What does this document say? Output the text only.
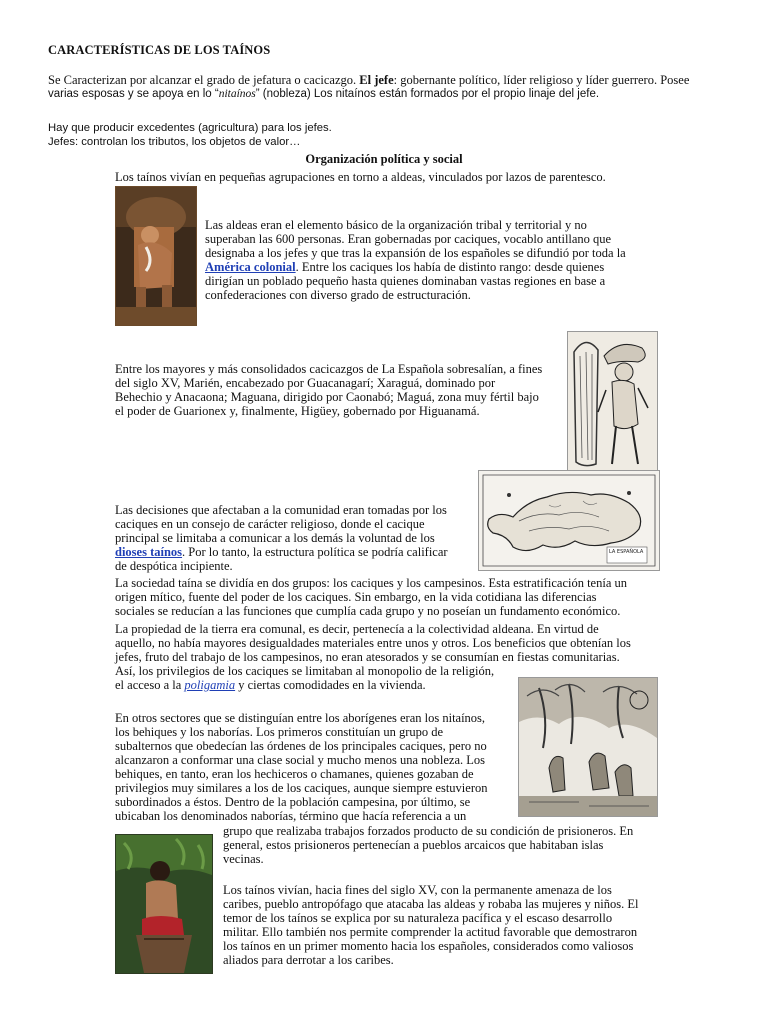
CARACTERÍSTICAS DE LOS TAÍNOS
Se Caracterizan por alcanzar el grado de jefatura o cacicazgo. El jefe: gobernante político, líder religioso y líder guerrero. Posee
varias esposas y se apoya en lo “nitaínos” (nobleza) Los nitaínos están formados por el propio linaje del jefe.
Hay que producir excedentes (agricultura) para los jefes.
Jefes: controlan los tributos, los objetos de valor…
Organización política y social
Los taínos vivían en pequeñas agrupaciones en torno a aldeas, vinculados por lazos de parentesco.
Las aldeas eran el elemento básico de la organización tribal y territorial y no
superaban las 600 personas. Eran gobernadas por caciques, vocablo antillano que
designaba a los jefes y que tras la expansión de los españoles se difundió por toda la
América colonial. Entre los caciques los había de distinto rango: desde quienes
dirigían un poblado pequeño hasta quienes dominaban vastas regiones en base a
confederaciones con diverso grado de estructuración.
Entre los mayores y más consolidados cacicazgos de La Española sobresalían, a fines
del siglo XV, Marién, encabezado por Guacanagarí; Xaraguá, dominado por
Behechio y Anacaona; Maguana, dirigido por Caonabó; Maguá, zona muy fértil bajo
el poder de Guarionex y, finalmente, Higüey, gobernado por Higuanamá.
LA ESPAÑOLA
Las decisiones que afectaban a la comunidad eran tomadas por los
caciques en un consejo de carácter religioso, donde el cacique
principal se limitaba a comunicar a los demás la voluntad de los
dioses taínos. Por lo tanto, la estructura política se podría calificar
de despótica incipiente.
La sociedad taína se dividía en dos grupos: los caciques y los campesinos. Esta estratificación tenía un
origen mítico, fuente del poder de los caciques. Sin embargo, en la vida cotidiana las diferencias
sociales se reducían a las funciones que cumplía cada grupo y no poseían un fundamento económico.
La propiedad de la tierra era comunal, es decir, pertenecía a la colectividad aldeana. En virtud de
aquello, no había mayores desigualdades materiales entre unos y otros. Los beneficios que obtenían los
jefes, fruto del trabajo de los campesinos, no eran atesorados y se consumían en fiestas comunitarias.
Así, los privilegios de los caciques se limitaban al monopolio de la religión,
el acceso a la poligamia y ciertas comodidades en la vivienda.
En otros sectores que se distinguían entre los aborígenes eran los nitaínos,
los behiques y los naborías. Los primeros constituían un grupo de
subalternos que obedecían las órdenes de los principales caciques, pero no
alcanzaron a conformar una clase social y mucho menos una nobleza. Los
behiques, en tanto, eran los hechiceros o chamanes, quienes gozaban de
privilegios muy similares a los de los caciques, aunque siempre estuvieron
subordinados a éstos. Dentro de la población campesina, por último, se
ubicaban los denominados naborías, término que hacía referencia a un
grupo que realizaba trabajos forzados producto de su condición de prisioneros. En
general, estos prisioneros pertenecían a pueblos arcaicos que habitaban islas
vecinas.
Los taínos vivían, hacia fines del siglo XV, con la permanente amenaza de los
caribes, pueblo antropófago que atacaba las aldeas y robaba las mujeres y niños. El
temor de los taínos se explica por su naturaleza pacífica y el escaso desarrollo
militar. Ello también nos permite comprender la actitud favorable que demostraron
los taínos en un primer momento hacia los españoles, considerados como valiosos
aliados para derrotar a los caribes.
